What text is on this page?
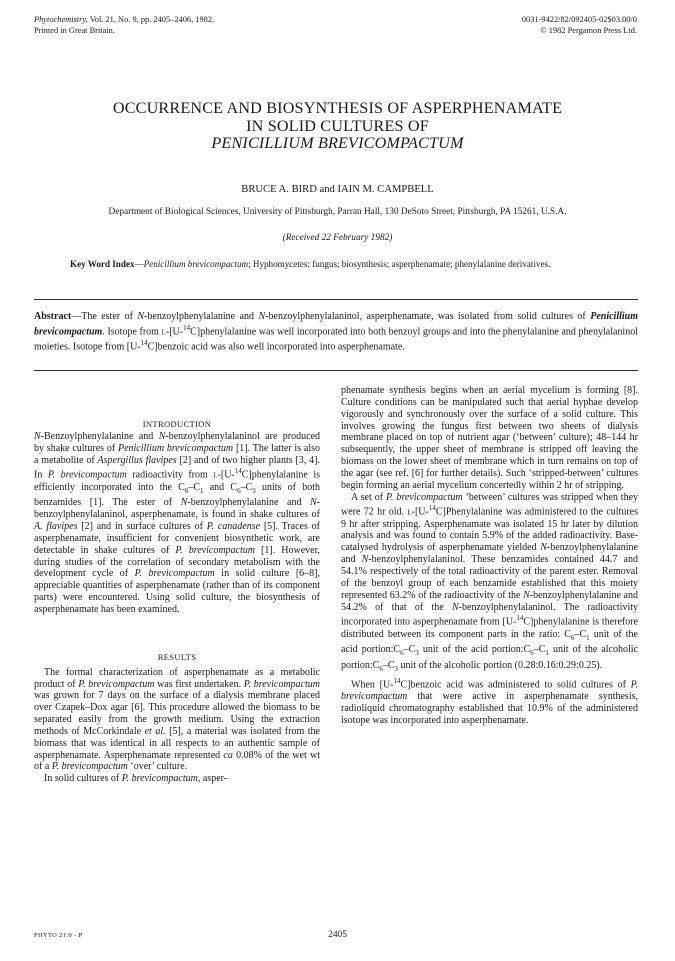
Phytochemistry, Vol. 21, No. 9, pp. 2405–2406, 1982.
Printed in Great Britain.
0031-9422/82/092405-02$03.00/0
© 1982 Pergamon Press Ltd.
OCCURRENCE AND BIOSYNTHESIS OF ASPERPHENAMATE
IN SOLID CULTURES OF
PENICILLIUM BREVICOMPACTUM
BRUCE A. BIRD and IAIN M. CAMPBELL
Department of Biological Sciences, University of Pittsburgh, Parran Hall, 130 DeSoto Street, Pittsburgh, PA 15261, U.S.A.
(Received 22 February 1982)
Key Word Index—Penicillium brevicompactum; Hyphomycetes; fungus; biosynthesis; asperphenamate; phenylalanine derivatives.
Abstract—The ester of N-benzoylphenylalanine and N-benzoylphenylalaninol, asperphenamate, was isolated from solid cultures of Penicillium brevicompactum. Isotope from l-[U-$^{14}$C]phenylalanine was well incorporated into both benzoyl groups and into the phenylalanine and phenylalaninol moieties. Isotope from [U-$^{14}$C]benzoic acid was also well incorporated into asperphenamate.
INTRODUCTION

N-Benzoylphenylalanine and N-benzoylphenylalaninol are produced by shake cultures of Penicillium brevicompactum [1]. The latter is also a metabolite of Aspergillus flavipes [2] and of two higher plants [3, 4]. In P. brevicompactum radioactivity from l-[U-$^{14}$C]phenylalanine is efficiently incorporated into the $C_6-C_1$ and $C_6-C_3$ units of both benzamides [1]. The ester of N-benzoylphenylalanine and N-benzoylphenylalaninol, asperphenamate, is found in shake cultures of A. flavipes [2] and in surface cultures of P. canadense [5]. Traces of asperphenamate, insufficient for convenient biosynthetic work, are detectable in shake cultures of P. brevicompactum [1]. However, during studies of the correlation of secondary metabolism with the development cycle of P. brevicompactum in solid culture [6–8], appreciable quantities of asperphenamate (rather than of its component parts) were encountered. Using solid culture, the biosynthesis of asperphenamate has been examined.

RESULTS

The formal characterization of asperphenamate as a metabolic product of P. brevicompactum was first undertaken. P. brevicompactum was grown for 7 days on the surface of a dialysis membrane placed over Czapek–Dox agar [6]. This procedure allowed the biomass to be separated easily from the growth medium. Using the extraction methods of McCorkindale et al. [5], a material was isolated from the biomass that was identical in all respects to an authentic sample of asperphenamate. Asperphenamate represented ca 0.08% of the wet wt of a P. brevicompactum ‘over’ culture.

In solid cultures of P. brevicompactum, asper-

phenamate synthesis begins when an aerial mycelium is forming [8]. Culture conditions can be manipulated such that aerial hyphae develop vigorously and synchronously over the surface of a solid culture. This involves growing the fungus first between two sheets of dialysis membrane placed on top of nutrient agar (‘between’ culture); 48–144 hr subsequently, the upper sheet of membrane is stripped off leaving the biomass on the lower sheet of membrane which in turn remains on top of the agar (see ref. [6] for further details). Such ‘stripped-between’ cultures begin forming an aerial mycelium concertedly within 2 hr of stripping.

A set of P. brevicompactum ‘between’ cultures was stripped when they were 72 hr old. l-[U-$^{14}$C]Phenylalanine was administered to the cultures 9 hr after stripping. Asperphenamate was isolated 15 hr later by dilution analysis and was found to contain 5.9% of the added radioactivity. Base-catalysed hydrolysis of asperphenamate yielded N-benzoylphenylalanine and N-benzoylphenylalaninol. These benzamides contained 44.7 and 54.1% respectively of the total radioactivity of the parent ester. Removal of the benzoyl group of each benzamide established that this moiety represented 63.2% of the radioactivity of the N-benzoylphenylalanine and 54.2% of that of the N-benzoylphenylalaninol. The radioactivity incorporated into asperphenamate from [U-$^{14}$C]phenylalanine is therefore distributed between its component parts in the ratio: $C_6-C_1$ unit of the acid $portion:C_6-C_3$ unit of the acid $portion:C_6-C_1$ unit of the alcoholic $portion:C_6-C_3$ unit of the alcoholic portion (0.28:0.16:0.29:0.25).

When [U-$^{14}$C]benzoic acid was administered to solid cultures of P. brevicompactum that were active in asperphenamate synthesis, radioliquid chromatography established that 10.9% of the administered isotope was incorporated into asperphenamate.

PHYTO 21:9 - P	2405
